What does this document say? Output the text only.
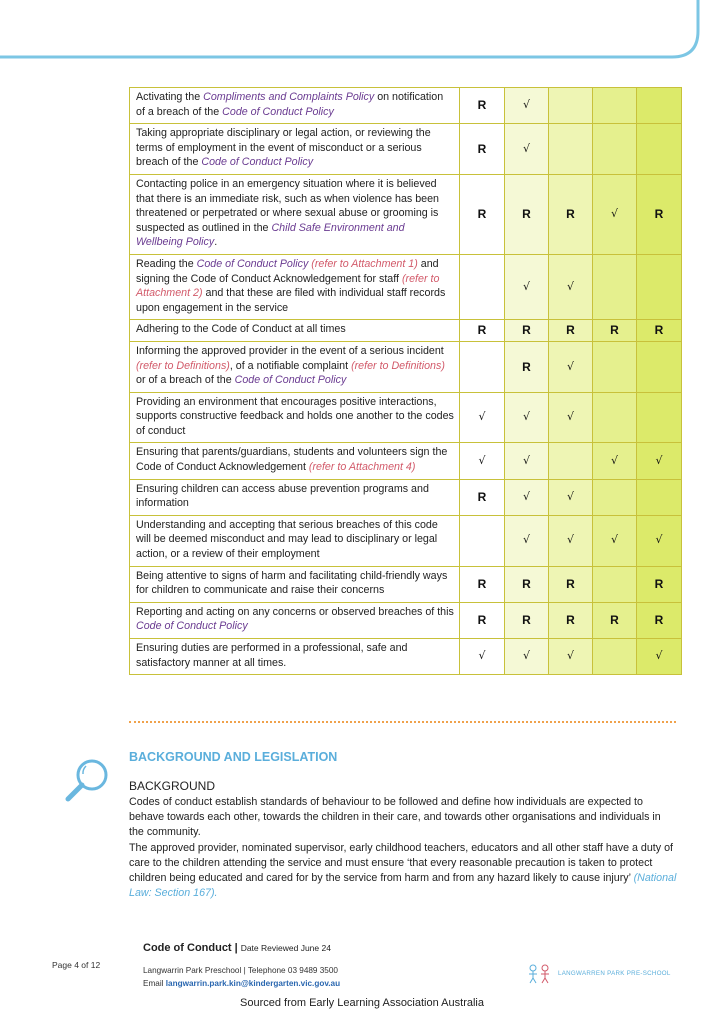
Activating the Compliments and Complaints Policy on notification of a breach of the Code of Conduct Policy	R	√			
Taking appropriate disciplinary or legal action, or reviewing the terms of employment in the event of misconduct or a serious breach of the Code of Conduct Policy	R	√			
Contacting police in an emergency situation where it is believed that there is an immediate risk, such as when violence has been threatened or perpetrated or where sexual abuse or grooming is suspected as outlined in the Child Safe Environment and Wellbeing Policy.	R	R	R	√	R
Reading the Code of Conduct Policy (refer to Attachment 1) and signing the Code of Conduct Acknowledgement for staff (refer to Attachment 2) and that these are filed with individual staff records upon engagement in the service		√	√		
Adhering to the Code of Conduct at all times	R	R	R	R	R
Informing the approved provider in the event of a serious incident (refer to Definitions), of a notifiable complaint (refer to Definitions) or of a breach of the Code of Conduct Policy		R	√		
Providing an environment that encourages positive interactions, supports constructive feedback and holds one another to the codes of conduct	√	√	√		
Ensuring that parents/guardians, students and volunteers sign the Code of Conduct Acknowledgement (refer to Attachment 4)	√	√		√	√
Ensuring children can access abuse prevention programs and information	R	√	√		
Understanding and accepting that serious breaches of this code will be deemed misconduct and may lead to disciplinary or legal action, or a review of their employment		√	√	√	√
Being attentive to signs of harm and facilitating child-friendly ways for children to communicate and raise their concerns	R	R	R		R
Reporting and acting on any concerns or observed breaches of this Code of Conduct Policy	R	R	R	R	R
Ensuring duties are performed in a professional, safe and satisfactory manner at all times.	√	√	√		√
BACKGROUND AND LEGISLATION
BACKGROUND

Codes of conduct establish standards of behaviour to be followed and define how individuals are expected to behave towards each other, towards the children in their care, and towards other organisations and individuals in the community.

The approved provider, nominated supervisor, early childhood teachers, educators and all other staff have a duty of care to the children attending the service and must ensure ‘that every reasonable precaution is taken to protect children being educated and cared for by the service from harm and from any hazard likely to cause injury’ (National Law: Section 167).

Page 4 of 12
Code of Conduct | Date Reviewed June 24
Langwarrin Park Preschool | Telephone 03 9489 3500
Email langwarrin.park.kin@kindergarten.vic.gov.au
LANGWARREN PARK PRE-SCHOOL
Sourced from Early Learning Association Australia
